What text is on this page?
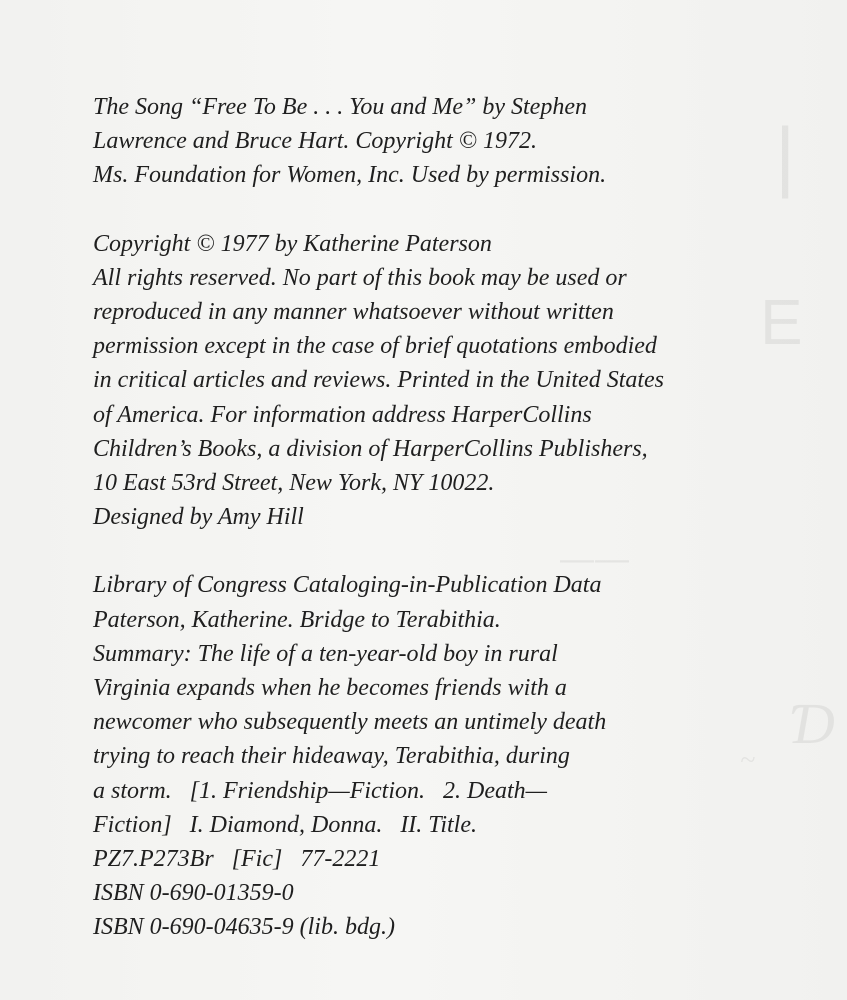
|
E
——
Ɗ
~

The Song “Free To Be . . . You and Me” by Stephen
Lawrence and Bruce Hart. Copyright © 1972.
Ms. Foundation for Women, Inc. Used by permission.

Copyright © 1977 by Katherine Paterson
All rights reserved. No part of this book may be used or
reproduced in any manner whatsoever without written
permission except in the case of brief quotations embodied
in critical articles and reviews. Printed in the United States
of America. For information address HarperCollins
Children’s Books, a division of HarperCollins Publishers,
10 East 53rd Street, New York, NY 10022.
Designed by Amy Hill

Library of Congress Cataloging-in-Publication Data
Paterson, Katherine. Bridge to Terabithia.
Summary: The life of a ten-year-old boy in rural
Virginia expands when he becomes friends with a
newcomer who subsequently meets an untimely death
trying to reach their hideaway, Terabithia, during
a storm.   [1. Friendship—Fiction.   2. Death—
Fiction]   I. Diamond, Donna.   II. Title.
PZ7.P273Br   [Fic]   77-2221
ISBN 0-690-01359-0
ISBN 0-690-04635-9 (lib. bdg.)
